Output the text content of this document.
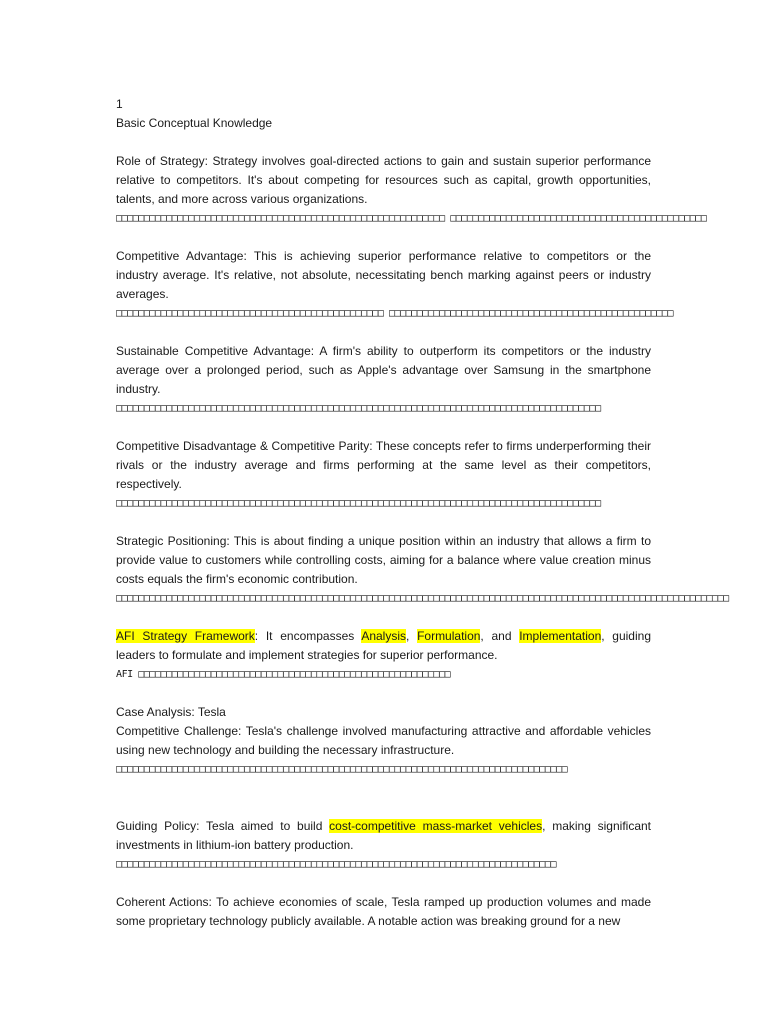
1

Basic Conceptual Knowledge

Role of Strategy: Strategy involves goal-directed actions to gain and sustain superior performance relative to competitors. It's about competing for resources such as capital, growth opportunities, talents, and more across various organizations.

□□□□□□□□□□□□□□□□□□□□□□□□□□□□□□□□□□□□□□□□□□□□□□□□□□□□□□□□□□□ □□□□□□□□□□□□□□□□□□□□□□□□□□□□□□□□□□□□□□□□□□□□□□

Competitive Advantage: This is achieving superior performance relative to competitors or the industry average. It's relative, not absolute, necessitating bench marking against peers or industry averages.

□□□□□□□□□□□□□□□□□□□□□□□□□□□□□□□□□□□□□□□□□□□□□□□□ □□□□□□□□□□□□□□□□□□□□□□□□□□□□□□□□□□□□□□□□□□□□□□□□□□□

Sustainable Competitive Advantage: A firm's ability to outperform its competitors or the industry average over a prolonged period, such as Apple's advantage over Samsung in the smartphone industry.

□□□□□□□□□□□□□□□□□□□□□□□□□□□□□□□□□□□□□□□□□□□□□□□□□□□□□□□□□□□□□□□□□□□□□□□□□□□□□□□□□□□□□□□

Competitive Disadvantage & Competitive Parity: These concepts refer to firms underperforming their rivals or the industry average and firms performing at the same level as their competitors, respectively.

□□□□□□□□□□□□□□□□□□□□□□□□□□□□□□□□□□□□□□□□□□□□□□□□□□□□□□□□□□□□□□□□□□□□□□□□□□□□□□□□□□□□□□□

Strategic Positioning: This is about finding a unique position within an industry that allows a firm to provide value to customers while controlling costs, aiming for a balance where value creation minus costs equals the firm's economic contribution.

□□□□□□□□□□□□□□□□□□□□□□□□□□□□□□□□□□□□□□□□□□□□□□□□□□□□□□□□□□□□□□□□□□□□□□□□□□□□□□□□□□□□□□□□□□□□□□□□□□□□□□□□□□□□□□

AFI Strategy Framework: It encompasses Analysis, Formulation, and Implementation, guiding leaders to formulate and implement strategies for superior performance.

AFI □□□□□□□□□□□□□□□□□□□□□□□□□□□□□□□□□□□□□□□□□□□□□□□□□□□□□□□□

Case Analysis: Tesla

Competitive Challenge: Tesla's challenge involved manufacturing attractive and affordable vehicles using new technology and building the necessary infrastructure.

□□□□□□□□□□□□□□□□□□□□□□□□□□□□□□□□□□□□□□□□□□□□□□□□□□□□□□□□□□□□□□□□□□□□□□□□□□□□□□□□□

Guiding Policy: Tesla aimed to build cost-competitive mass-market vehicles, making significant investments in lithium-ion battery production.

□□□□□□□□□□□□□□□□□□□□□□□□□□□□□□□□□□□□□□□□□□□□□□□□□□□□□□□□□□□□□□□□□□□□□□□□□□□□□□□

Coherent Actions: To achieve economies of scale, Tesla ramped up production volumes and made some proprietary technology publicly available. A notable action was breaking ground for a new
